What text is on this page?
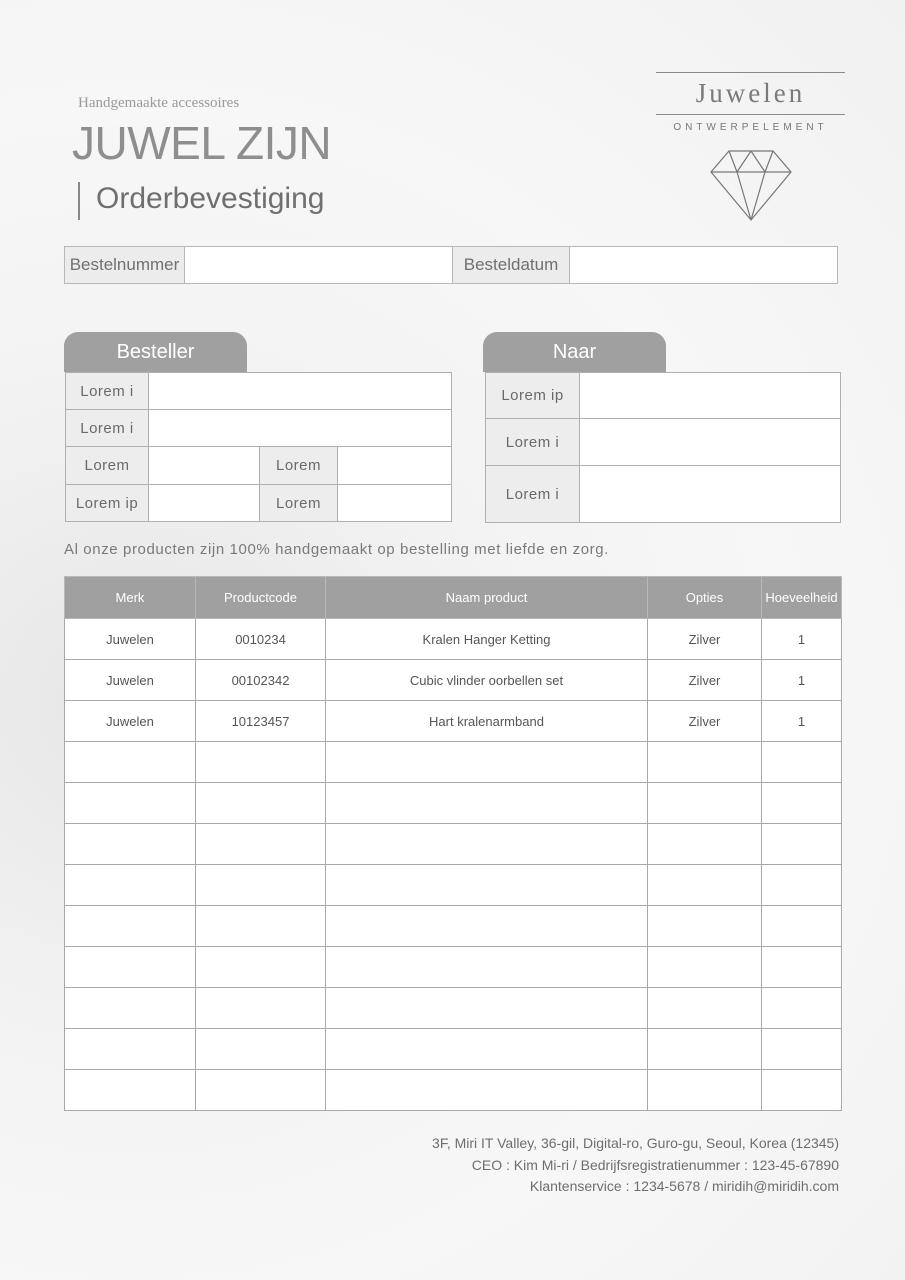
Handgemaakte accessoires
JUWEL ZIJN
Orderbevestiging
Juwelen
ONTWERPELEMENT
Bestelnummer	Besteldatum
Besteller
Lorem i			
Lorem i			
Lorem		Lorem	
Lorem ip		Lorem	
Naar
Lorem ip	
Lorem i	
Lorem i	
Al onze producten zijn 100% handgemaakt op bestelling met liefde en zorg.
Merk	Productcode	Naam product	Opties	Hoeveelheid
Juwelen	0010234	Kralen Hanger Ketting	Zilver	1
Juwelen	00102342	Cubic vlinder oorbellen set	Zilver	1
Juwelen	10123457	Hart kralenarmband	Zilver	1

3F, Miri IT Valley, 36-gil, Digital-ro, Guro-gu, Seoul, Korea (12345)
CEO : Kim Mi-ri / Bedrijfsregistratienummer : 123-45-67890
Klantenservice : 1234-5678 / miridih@miridih.com
